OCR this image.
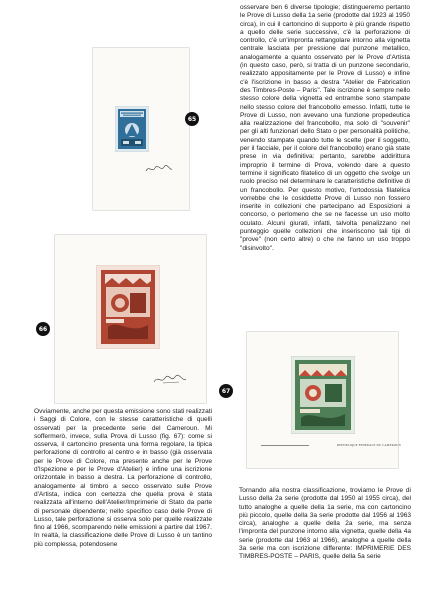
osservare ben 6 diverse tipologie; distingueremo pertanto le Prove di Lusso della 1a serie (prodotte dal 1923 al 1950 circa), in cui il cartoncino di supporto è più grande rispetto a quello delle serie successive, c'è la perforazione di controllo, c'è un'impronta rettangolare intorno alla vignetta centrale lasciata per pressione dal punzone metallico, analogamente a quanto osservato per le Prove d'Artista (in questo caso, però, si tratta di un punzone secondario, realizzato appositamente per le Prove di Lusso) e infine c'è l'iscrizione in basso a destra "Atelier de Fabrication des Timbres-Poste – Paris". Tale iscrizione è sempre nello stesso colore della vignetta ed entrambe sono stampate nello stesso colore del francobollo emesso. Infatti, tutte le Prove di Lusso, non avevano una funzione propedeutica alla realizzazione del francobollo, ma solo di "souvenir" per gli alti funzionari dello Stato o per personalità politiche, venendo stampate quando tutte le scelte (per il soggetto, per il facciale, per il colore del francobollo) erano già state prese in via definitiva: pertanto, sarebbe addirittura improprio il termine di Prova, volendo dare a questo termine il significato filatelico di un oggetto che svolge un ruolo preciso nel determinare le caratteristiche definitive di un francobollo. Per questo motivo, l'ortodossia filatelica vorrebbe che le cosiddette Prove di Lusso non fossero inserite in collezioni che partecipano ad Esposizioni a concorso, o perlomeno che se ne facesse un uso molto oculato. Alcuni giurati, infatti, talvolta penalizzano nel punteggio quelle collezioni che inseriscono tali tipi di "prove" (non certo altre) o che ne fanno un uso troppo "disinvolto".

65
66

Ovviamente, anche per questa emissione sono stati realizzati i Saggi di Colore, con le stesse caratteristiche di quelli osservati per la precedente serie del Cameroun. Mi soffermerò, invece, sulla Prova di Lusso (fig. 67): come si osserva, il cartoncino presenta una forma regolare, la tipica perforazione di controllo al centro e in basso (già osservata per le Prove di Colore, ma presente anche per le Prove d'Ispezione e per le Prove d'Atelier) e infine una iscrizione orizzontale in basso a destra. La perforazione di controllo, analogamente al timbro a secco osservato sulle Prove d'Artista, indica con certezza che quella prova è stata realizzata all'interno dell'Atelier/Imprimerie di Stato da parte di personale dipendente; nello specifico caso delle Prove di Lusso, tale perforazione si osserva solo per quelle realizzate fino al 1966, scomparendo nelle emissioni a partire dal 1967. In realtà, la classificazione delle Prove di Lusso è un tantino più complessa, potendosene

REPUBLIQUE FEDERALE DU CAMEROUN
67

Tornando alla nostra classificazione, troviamo le Prove di Lusso della 2a serie (prodotte dal 1950 al 1955 circa), del tutto analoghe a quelle della 1a serie, ma con cartoncino più piccolo, quelle della 3a serie prodotte dal 1956 al 1963 circa), analoghe a quelle della 2a serie, ma senza l'impronta del punzone intorno alla vignetta, quelle della 4a serie (prodotte dal 1963 al 1966), analoghe a quelle della 3a serie ma con iscrizione differente: IMPRIMERIE DES TIMBRES-POSTE – PARIS, quelle della 5a serie
